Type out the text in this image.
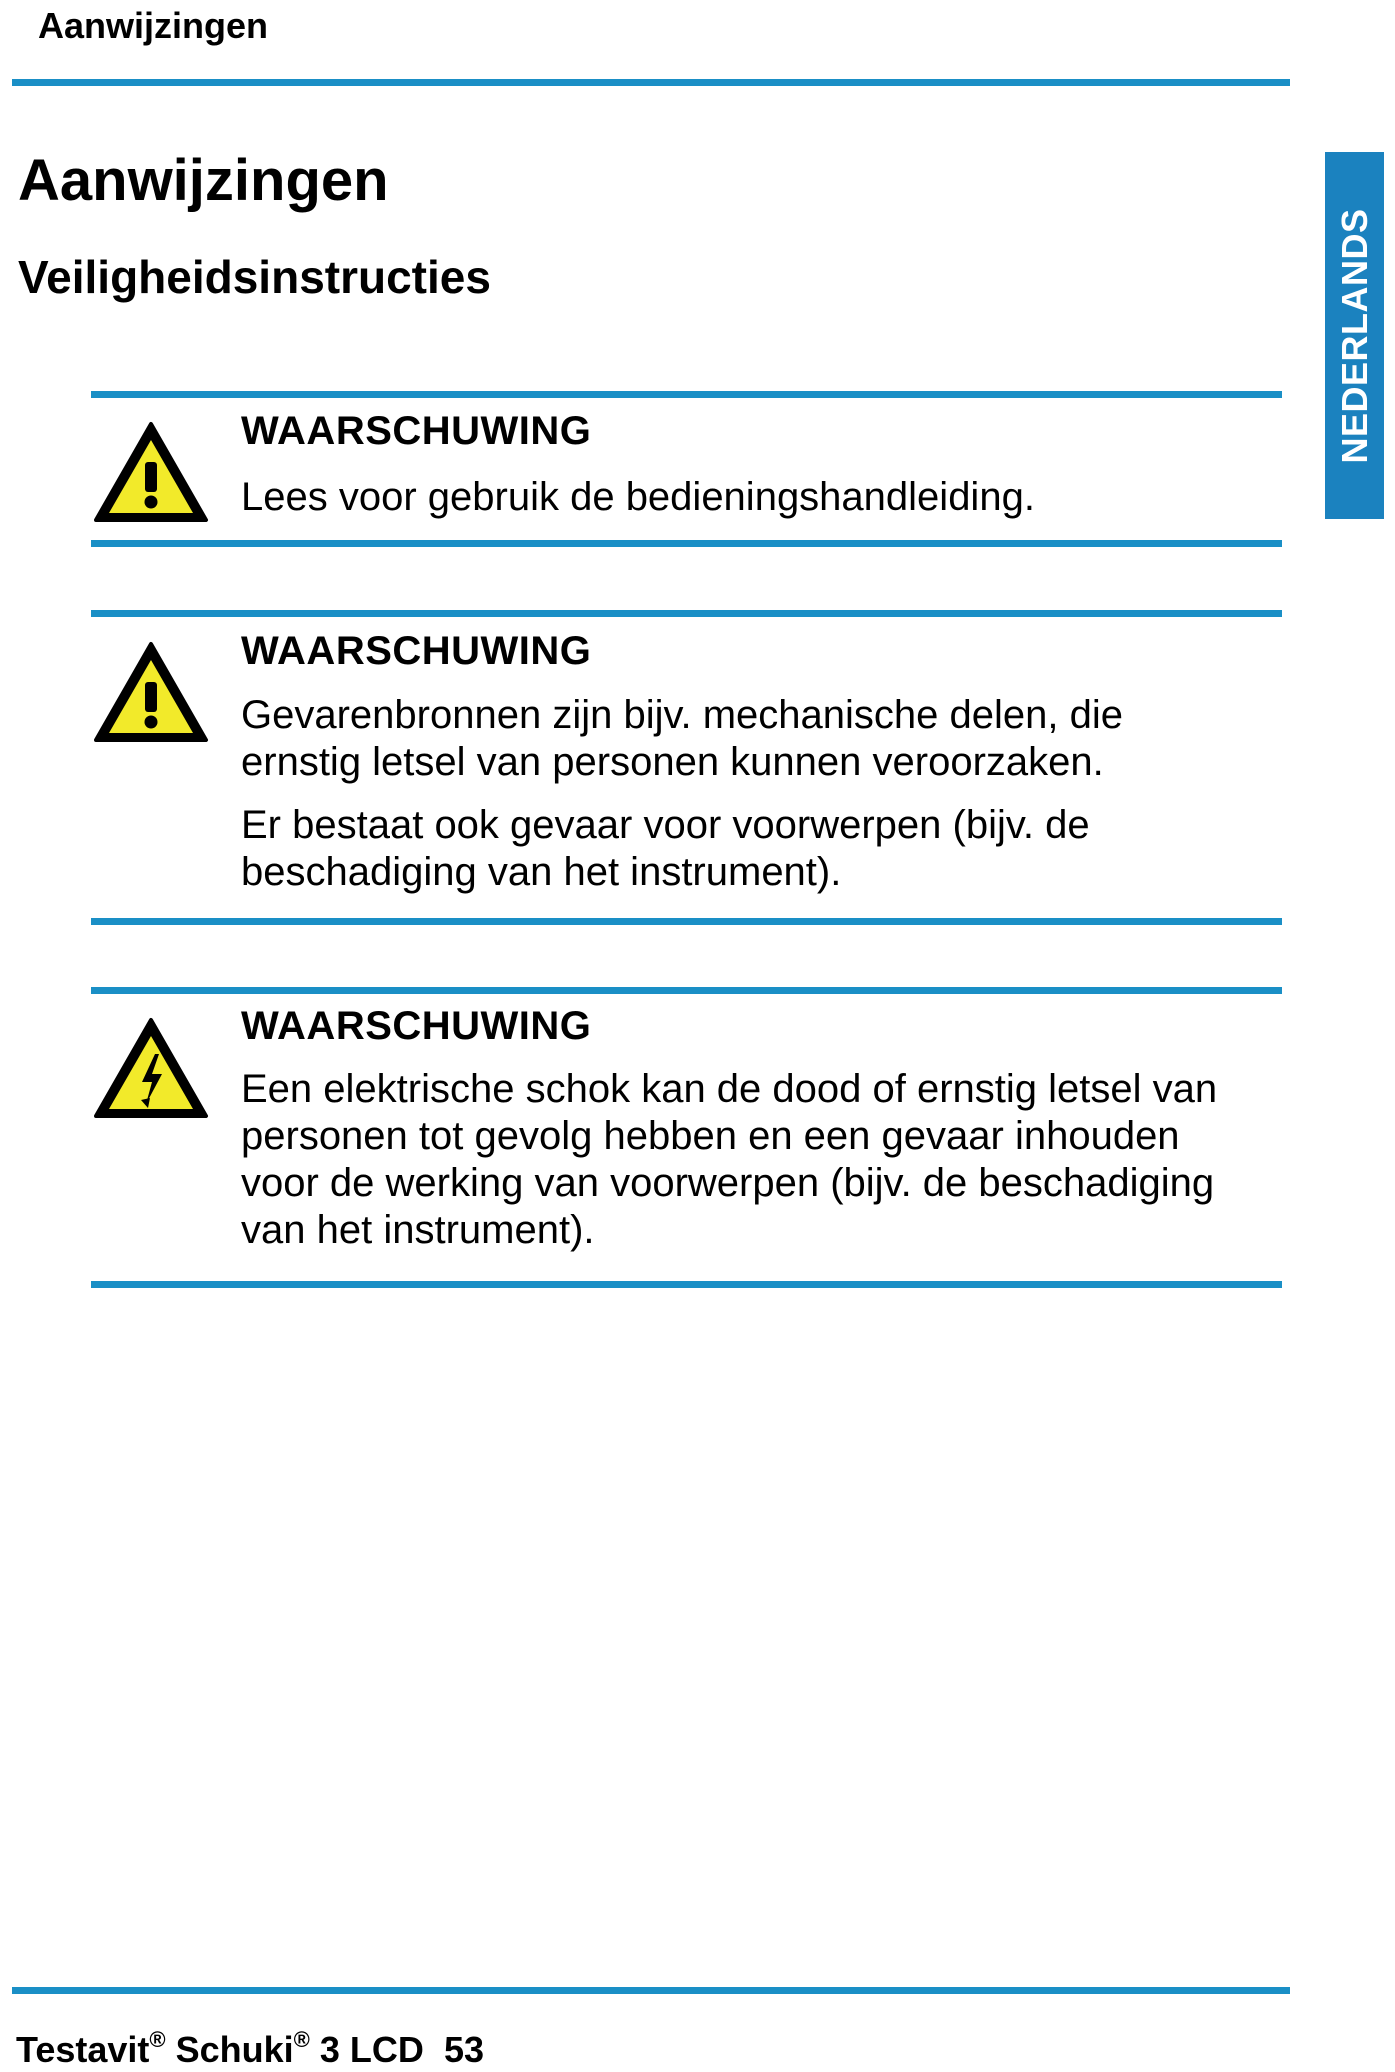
Aanwijzingen
Aanwijzingen
Veiligheidsinstructies	NEDERLANDS
WAARSCHUWING

Lees voor gebruik de bedieningshandleiding.

WAARSCHUWING

Gevarenbronnen zijn bijv. mechanische delen, die ernstig letsel van personen kunnen veroorzaken.

Er bestaat ook gevaar voor voorwerpen (bijv. de beschadiging van het instrument).

WAARSCHUWING

Een elektrische schok kan de dood of ernstig letsel van personen tot gevolg hebben en een gevaar inhouden voor de werking van voorwerpen (bijv. de beschadiging van het instrument).

Testavit® Schuki® 3 LCD 53
